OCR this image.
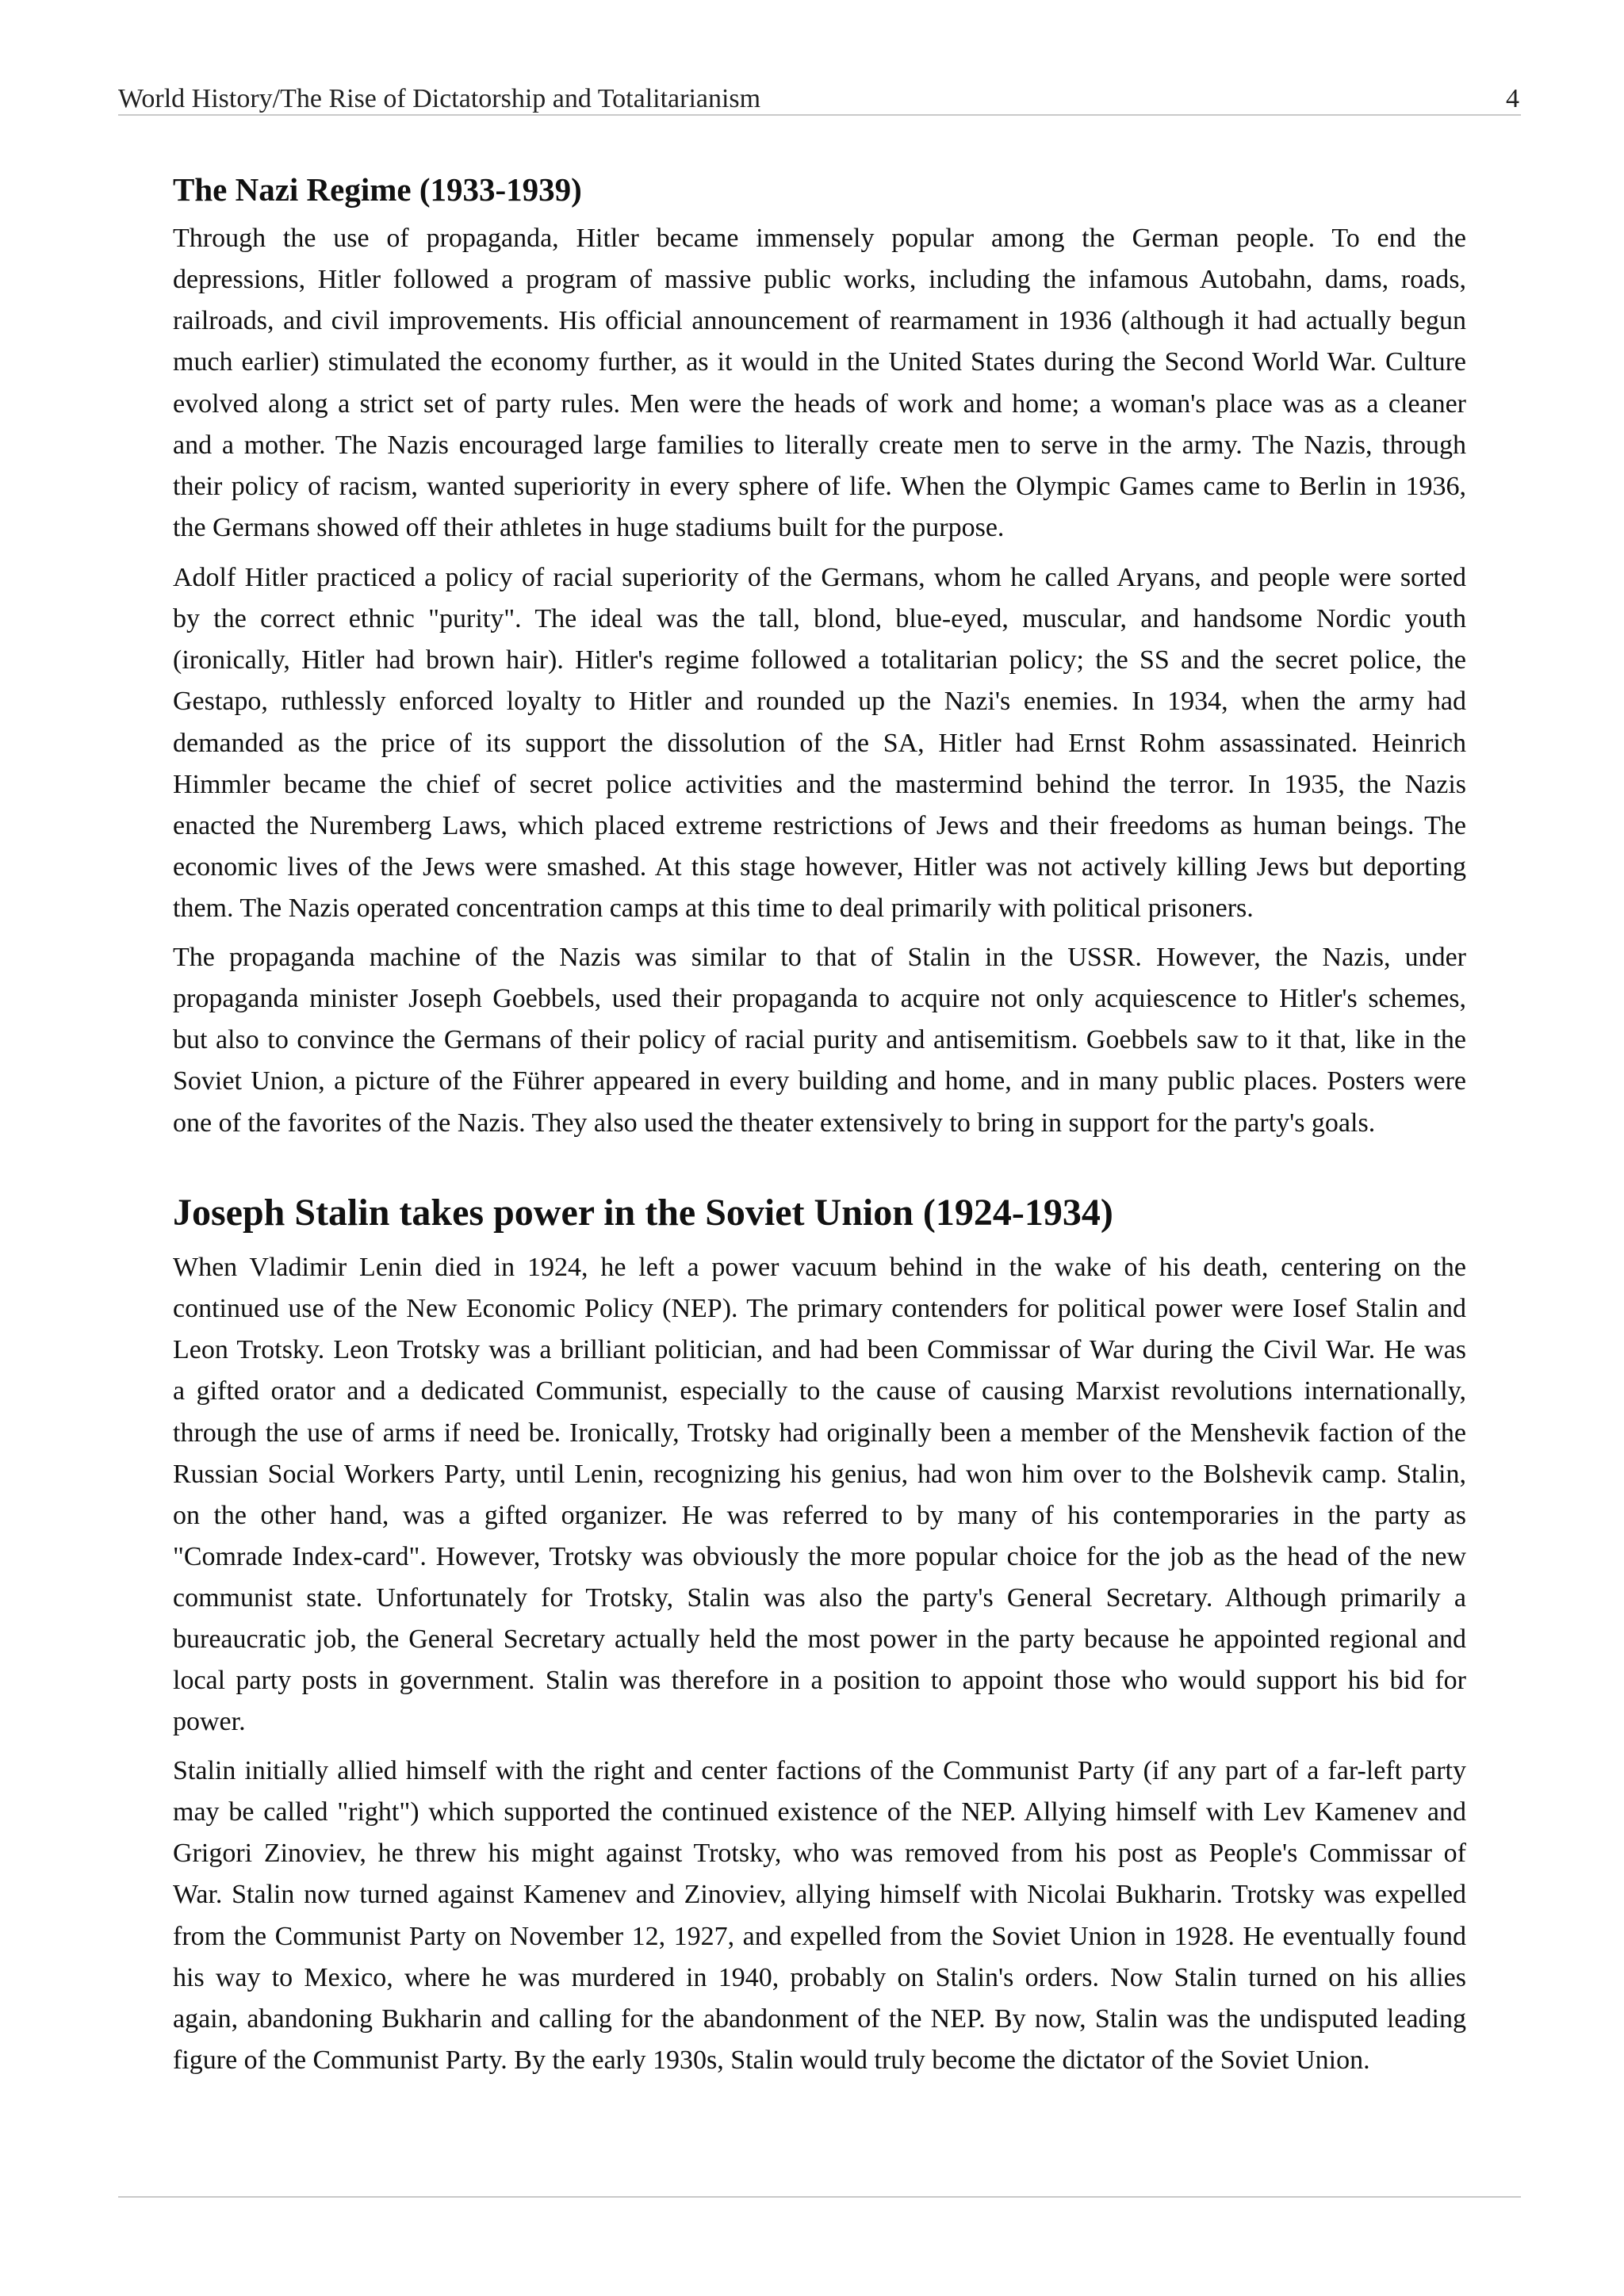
World History/The Rise of Dictatorship and Totalitarianism	4
The Nazi Regime (1933-1939)
Through the use of propaganda, Hitler became immensely popular among the German people. To end the
depressions, Hitler followed a program of massive public works, including the infamous Autobahn, dams, roads,
railroads, and civil improvements. His official announcement of rearmament in 1936 (although it had actually begun
much earlier) stimulated the economy further, as it would in the United States during the Second World War. Culture
evolved along a strict set of party rules. Men were the heads of work and home; a woman's place was as a cleaner
and a mother. The Nazis encouraged large families to literally create men to serve in the army. The Nazis, through
their policy of racism, wanted superiority in every sphere of life. When the Olympic Games came to Berlin in 1936,
the Germans showed off their athletes in huge stadiums built for the purpose.
Adolf Hitler practiced a policy of racial superiority of the Germans, whom he called Aryans, and people were sorted
by the correct ethnic "purity". The ideal was the tall, blond, blue-eyed, muscular, and handsome Nordic youth
(ironically, Hitler had brown hair). Hitler's regime followed a totalitarian policy; the SS and the secret police, the
Gestapo, ruthlessly enforced loyalty to Hitler and rounded up the Nazi's enemies. In 1934, when the army had
demanded as the price of its support the dissolution of the SA, Hitler had Ernst Rohm assassinated. Heinrich
Himmler became the chief of secret police activities and the mastermind behind the terror. In 1935, the Nazis
enacted the Nuremberg Laws, which placed extreme restrictions of Jews and their freedoms as human beings. The
economic lives of the Jews were smashed. At this stage however, Hitler was not actively killing Jews but deporting
them. The Nazis operated concentration camps at this time to deal primarily with political prisoners.
The propaganda machine of the Nazis was similar to that of Stalin in the USSR. However, the Nazis, under
propaganda minister Joseph Goebbels, used their propaganda to acquire not only acquiescence to Hitler's schemes,
but also to convince the Germans of their policy of racial purity and antisemitism. Goebbels saw to it that, like in the
Soviet Union, a picture of the Führer appeared in every building and home, and in many public places. Posters were
one of the favorites of the Nazis. They also used the theater extensively to bring in support for the party's goals.
Joseph Stalin takes power in the Soviet Union (1924-1934)
When Vladimir Lenin died in 1924, he left a power vacuum behind in the wake of his death, centering on the
continued use of the New Economic Policy (NEP). The primary contenders for political power were Iosef Stalin and
Leon Trotsky. Leon Trotsky was a brilliant politician, and had been Commissar of War during the Civil War. He was
a gifted orator and a dedicated Communist, especially to the cause of causing Marxist revolutions internationally,
through the use of arms if need be. Ironically, Trotsky had originally been a member of the Menshevik faction of the
Russian Social Workers Party, until Lenin, recognizing his genius, had won him over to the Bolshevik camp. Stalin,
on the other hand, was a gifted organizer. He was referred to by many of his contemporaries in the party as
"Comrade Index-card". However, Trotsky was obviously the more popular choice for the job as the head of the new
communist state. Unfortunately for Trotsky, Stalin was also the party's General Secretary. Although primarily a
bureaucratic job, the General Secretary actually held the most power in the party because he appointed regional and
local party posts in government. Stalin was therefore in a position to appoint those who would support his bid for
power.
Stalin initially allied himself with the right and center factions of the Communist Party (if any part of a far-left party
may be called "right") which supported the continued existence of the NEP. Allying himself with Lev Kamenev and
Grigori Zinoviev, he threw his might against Trotsky, who was removed from his post as People's Commissar of
War. Stalin now turned against Kamenev and Zinoviev, allying himself with Nicolai Bukharin. Trotsky was expelled
from the Communist Party on November 12, 1927, and expelled from the Soviet Union in 1928. He eventually found
his way to Mexico, where he was murdered in 1940, probably on Stalin's orders. Now Stalin turned on his allies
again, abandoning Bukharin and calling for the abandonment of the NEP. By now, Stalin was the undisputed leading
figure of the Communist Party. By the early 1930s, Stalin would truly become the dictator of the Soviet Union.
